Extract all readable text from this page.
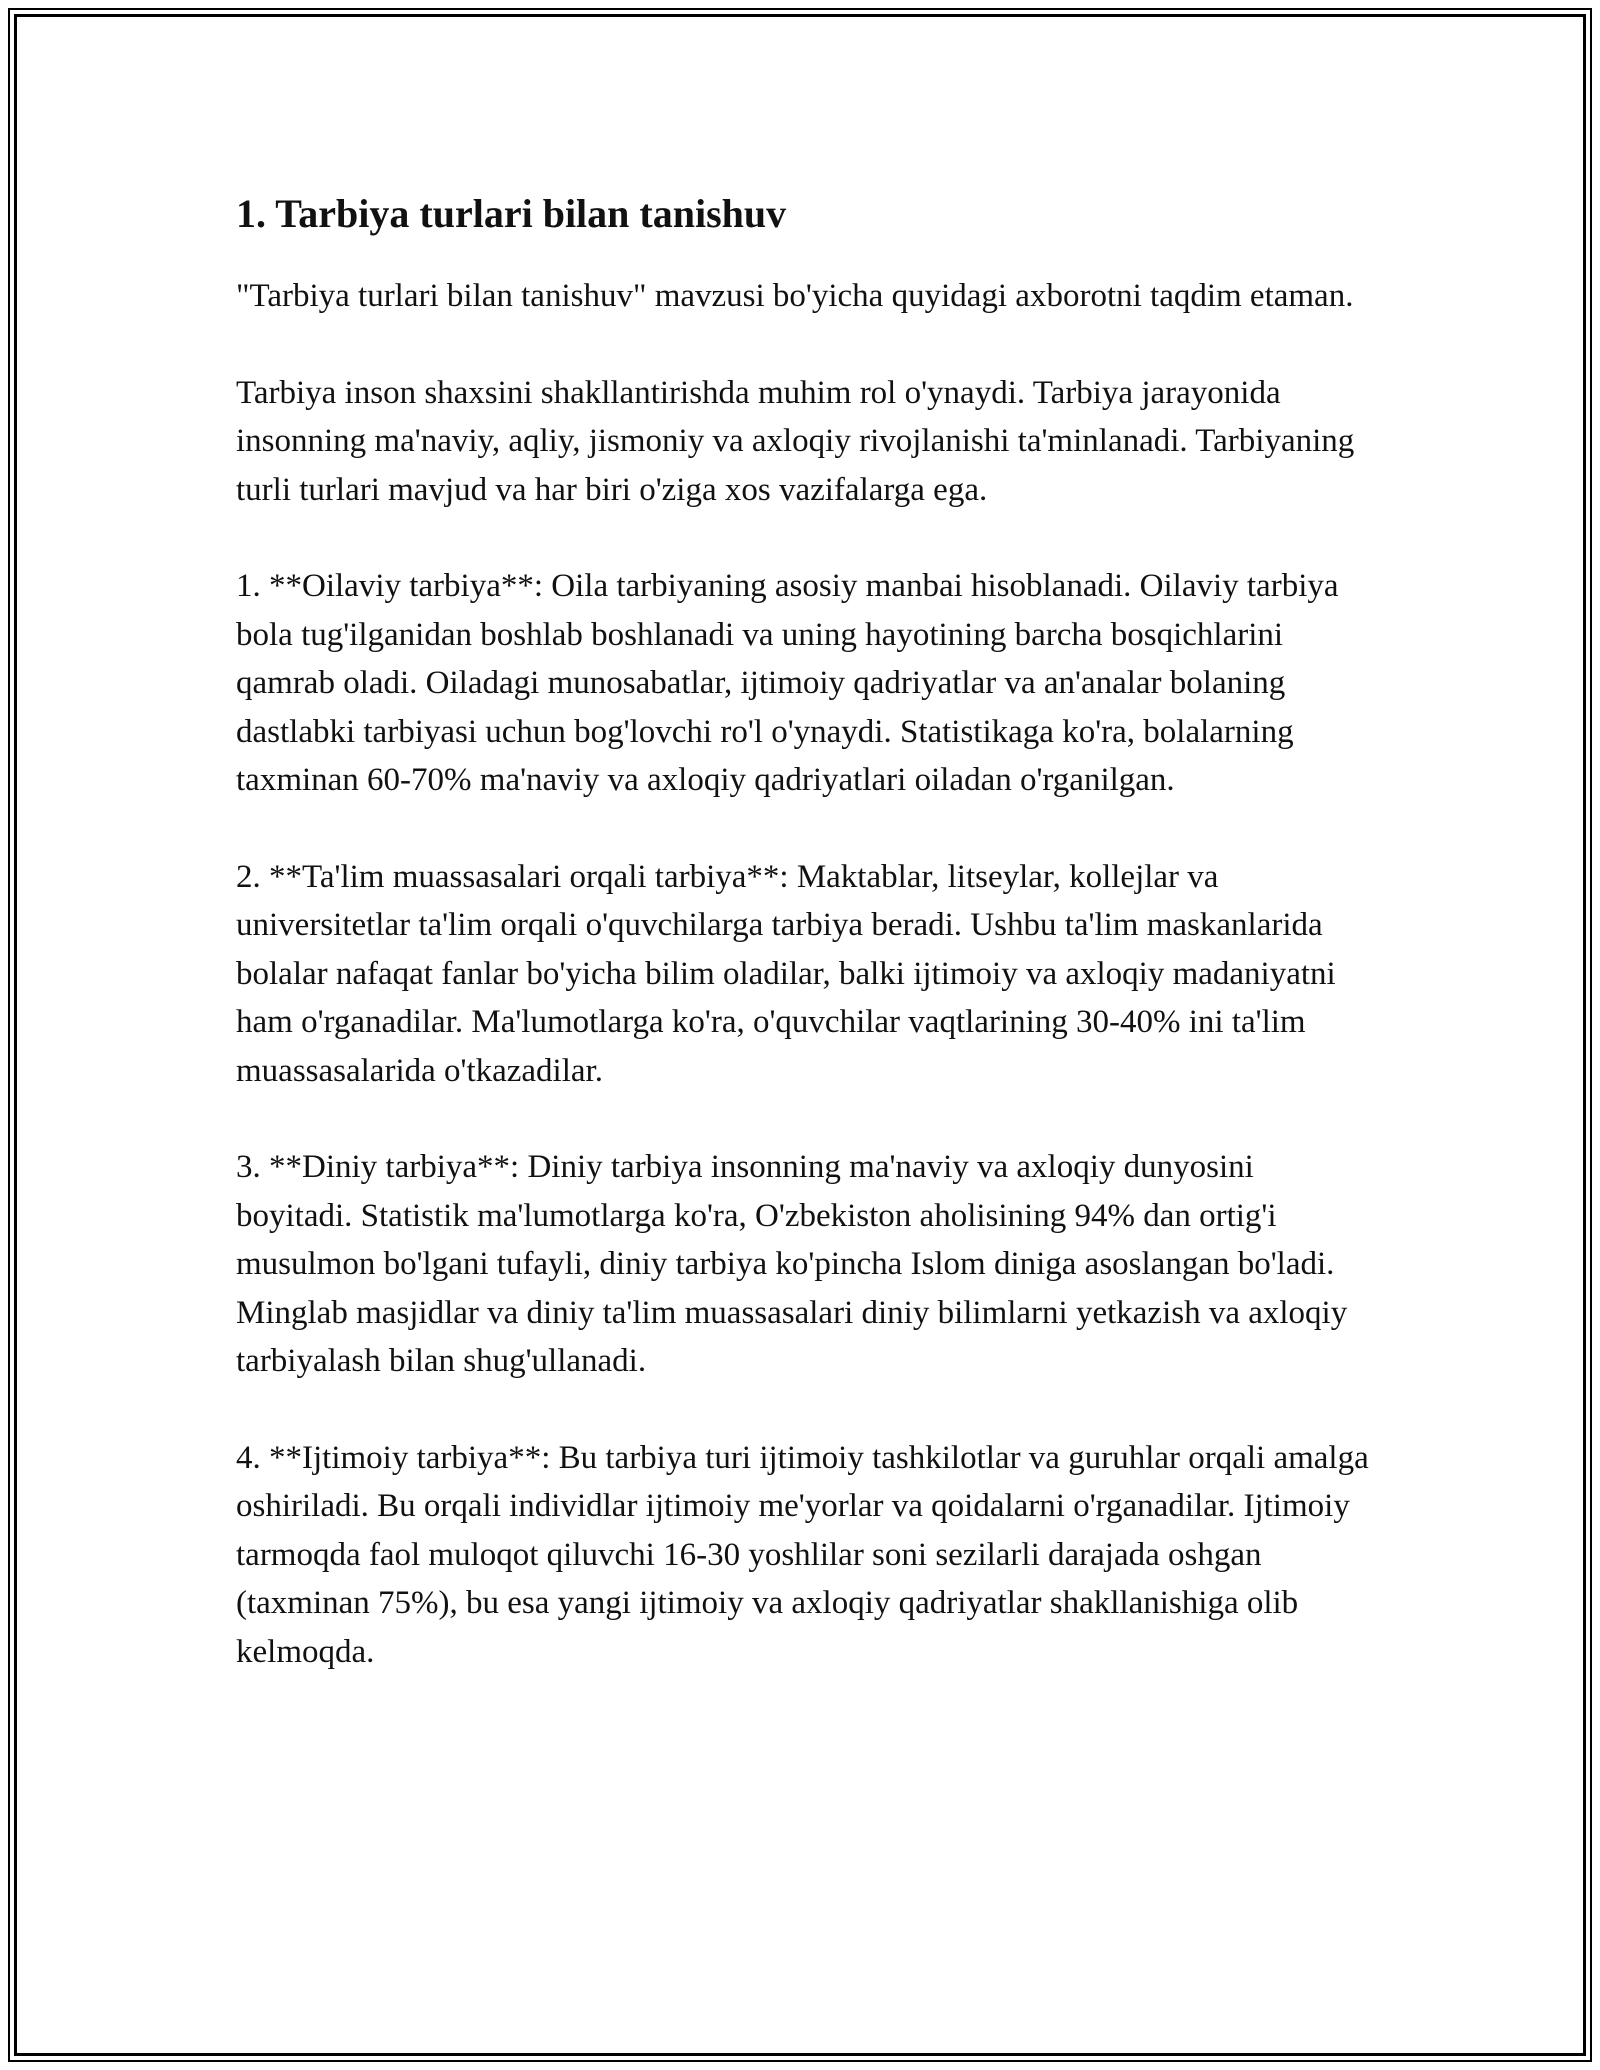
1. Tarbiya turlari bilan tanishuv

"Tarbiya turlari bilan tanishuv" mavzusi bo'yicha quyidagi axborotni taqdim etaman.

Tarbiya inson shaxsini shakllantirishda muhim rol o'ynaydi. Tarbiya jarayonida insonning ma'naviy, aqliy, jismoniy va axloqiy rivojlanishi ta'minlanadi. Tarbiyaning turli turlari mavjud va har biri o'ziga xos vazifalarga ega.

1. **Oilaviy tarbiya**: Oila tarbiyaning asosiy manbai hisoblanadi. Oilaviy tarbiya bola tug'ilganidan boshlab boshlanadi va uning hayotining barcha bosqichlarini qamrab oladi. Oiladagi munosabatlar, ijtimoiy qadriyatlar va an'analar bolaning dastlabki tarbiyasi uchun bog'lovchi ro'l o'ynaydi. Statistikaga ko'ra, bolalarning taxminan 60-70% ma'naviy va axloqiy qadriyatlari oiladan o'rganilgan.

2. **Ta'lim muassasalari orqali tarbiya**: Maktablar, litseylar, kollejlar va universitetlar ta'lim orqali o'quvchilarga tarbiya beradi. Ushbu ta'lim maskanlarida bolalar nafaqat fanlar bo'yicha bilim oladilar, balki ijtimoiy va axloqiy madaniyatni ham o'rganadilar. Ma'lumotlarga ko'ra, o'quvchilar vaqtlarining 30-40% ini ta'lim muassasalarida o'tkazadilar.

3. **Diniy tarbiya**: Diniy tarbiya insonning ma'naviy va axloqiy dunyosini boyitadi. Statistik ma'lumotlarga ko'ra, O'zbekiston aholisining 94% dan ortig'i musulmon bo'lgani tufayli, diniy tarbiya ko'pincha Islom diniga asoslangan bo'ladi. Minglab masjidlar va diniy ta'lim muassasalari diniy bilimlarni yetkazish va axloqiy tarbiyalash bilan shug'ullanadi.

4. **Ijtimoiy tarbiya**: Bu tarbiya turi ijtimoiy tashkilotlar va guruhlar orqali amalga oshiriladi. Bu orqali individlar ijtimoiy me'yorlar va qoidalarni o'rganadilar. Ijtimoiy tarmoqda faol muloqot qiluvchi 16-30 yoshlilar soni sezilarli darajada oshgan (taxminan 75%), bu esa yangi ijtimoiy va axloqiy qadriyatlar shakllanishiga olib kelmoqda.
